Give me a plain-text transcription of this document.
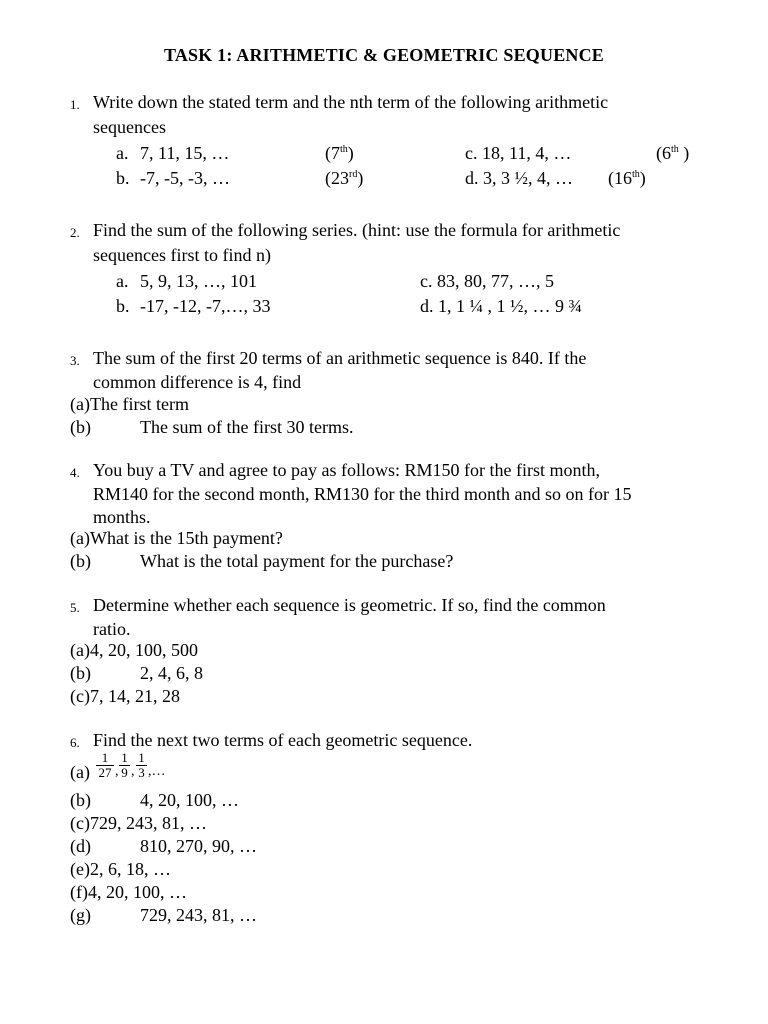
TASK 1: ARITHMETIC & GEOMETRIC SEQUENCE
1. Write down the stated term and the nth term of the following arithmetic
sequences
a. 7, 11, 15, …	(7th)	c. 18, 11, 4, …	(6th )
b. -7, -5, -3, …	(23rd)	d. 3, 3 ½, 4, … (16th)
2. Find the sum of the following series. (hint: use the formula for arithmetic
sequences first to find n)
a. 5, 9, 13, …, 101	c. 83, 80, 77, …, 5
b. -17, -12, -7,…, 33	d. 1, 1 ¼ , 1 ½, … 9 ¾
3. The sum of the first 20 terms of an arithmetic sequence is 840. If the
common difference is 4, find
(a)The first term
(b)	The sum of the first 30 terms.
4. You buy a TV and agree to pay as follows: RM150 for the first month,
RM140 for the second month, RM130 for the third month and so on for 15
months.
(a)What is the 15th payment?
(b)	What is the total payment for the purchase?
5. Determine whether each sequence is geometric. If so, find the common
ratio.
(a)4, 20, 100, 500
(b)	2, 4, 6, 8
(c)7, 14, 21, 28
6. Find the next two terms of each geometric sequence.
$(a) \frac{1}{27}$ , $\frac{1}{9}$ , $\frac{1}{3}$ ,…
(b)	4, 20, 100, …
(c)729, 243, 81, …
(d)	810, 270, 90, …
(e)2, 6, 18, …
(f)4, 20, 100, …
(g)	729, 243, 81, …
